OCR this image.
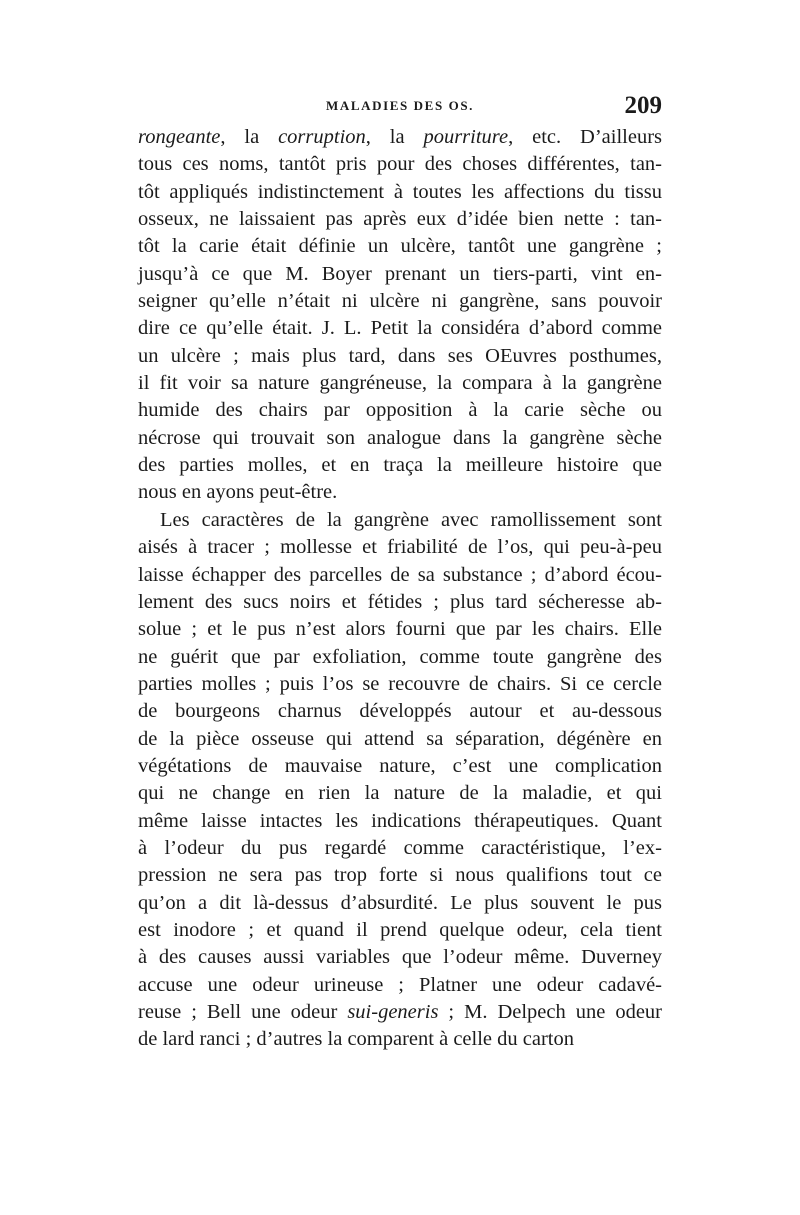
MALADIES DES OS.	209
rongeante, la corruption, la pourriture, etc. D’ailleurs
tous ces noms, tantôt pris pour des choses différentes, tan-
tôt appliqués indistinctement à toutes les affections du tissu
osseux, ne laissaient pas après eux d’idée bien nette : tan-
tôt la carie était définie un ulcère, tantôt une gangrène ;
jusqu’à ce que M. Boyer prenant un tiers-parti, vint en-
seigner qu’elle n’était ni ulcère ni gangrène, sans pouvoir
dire ce qu’elle était. J. L. Petit la considéra d’abord comme
un ulcère ; mais plus tard, dans ses OEuvres posthumes,
il fit voir sa nature gangréneuse, la compara à la gangrène
humide des chairs par opposition à la carie sèche ou
nécrose qui trouvait son analogue dans la gangrène sèche
des parties molles, et en traça la meilleure histoire que
nous en ayons peut-être.
Les caractères de la gangrène avec ramollissement sont
aisés à tracer ; mollesse et friabilité de l’os, qui peu-à-peu
laisse échapper des parcelles de sa substance ; d’abord écou-
lement des sucs noirs et fétides ; plus tard sécheresse ab-
solue ; et le pus n’est alors fourni que par les chairs. Elle
ne guérit que par exfoliation, comme toute gangrène des
parties molles ; puis l’os se recouvre de chairs. Si ce cercle
de bourgeons charnus développés autour et au-dessous
de la pièce osseuse qui attend sa séparation, dégénère en
végétations de mauvaise nature, c’est une complication
qui ne change en rien la nature de la maladie, et qui
même laisse intactes les indications thérapeutiques. Quant
à l’odeur du pus regardé comme caractéristique, l’ex-
pression ne sera pas trop forte si nous qualifions tout ce
qu’on a dit là-dessus d’absurdité. Le plus souvent le pus
est inodore ; et quand il prend quelque odeur, cela tient
à des causes aussi variables que l’odeur même. Duverney
accuse une odeur urineuse ; Platner une odeur cadavé-
reuse ; Bell une odeur sui-generis ; M. Delpech une odeur
de lard ranci ; d’autres la comparent à celle du carton
